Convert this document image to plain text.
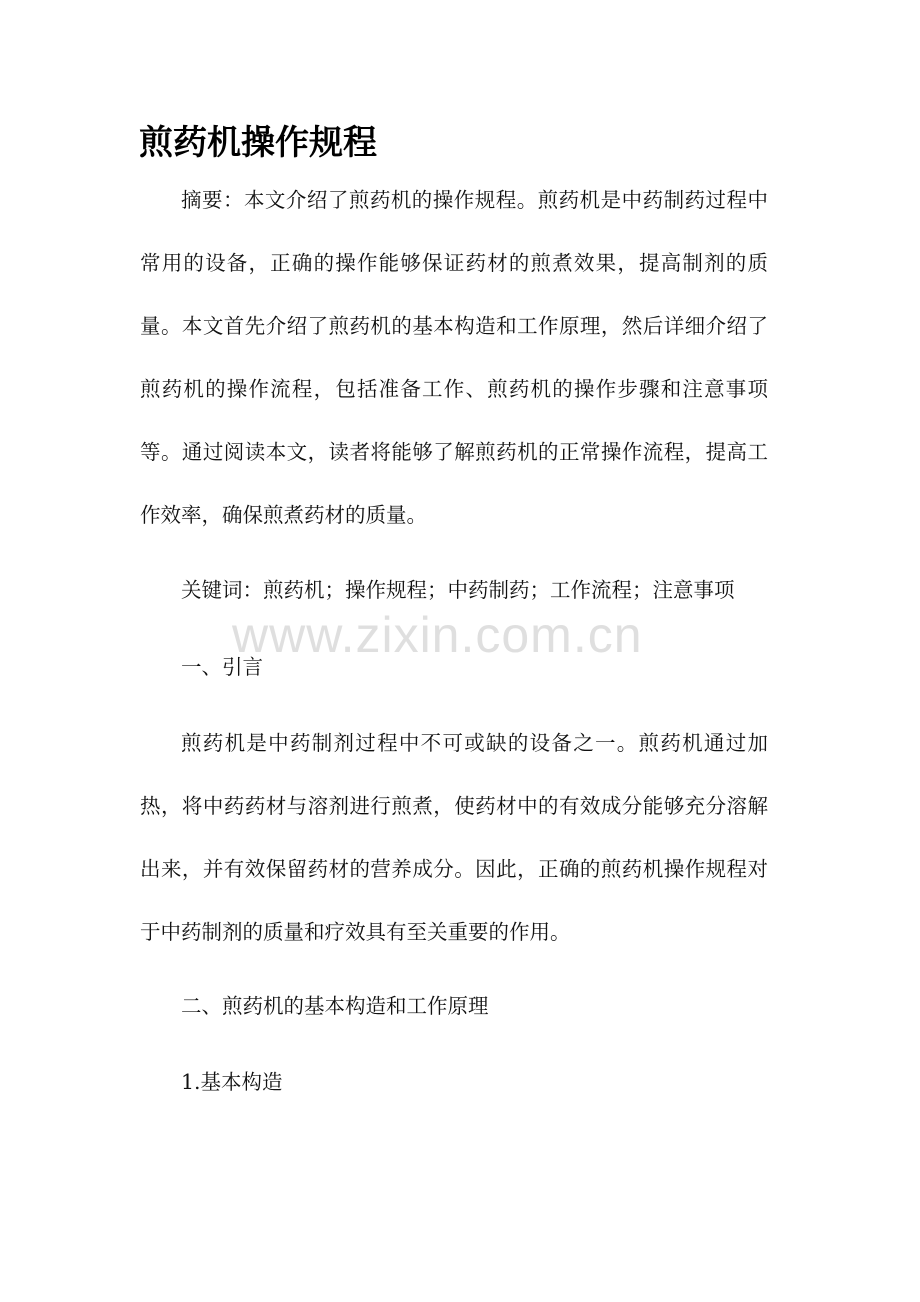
煎药机操作规程

摘要：本文介绍了煎药机的操作规程。煎药机是中药制药过程中常用的设备，正确的操作能够保证药材的煎煮效果，提高制剂的质量。本文首先介绍了煎药机的基本构造和工作原理，然后详细介绍了煎药机的操作流程，包括准备工作、煎药机的操作步骤和注意事项等。通过阅读本文，读者将能够了解煎药机的正常操作流程，提高工作效率，确保煎煮药材的质量。

关键词：煎药机；操作规程；中药制药；工作流程；注意事项

www.zixin.com.cn

一、引言

煎药机是中药制剂过程中不可或缺的设备之一。煎药机通过加热，将中药药材与溶剂进行煎煮，使药材中的有效成分能够充分溶解出来，并有效保留药材的营养成分。因此，正确的煎药机操作规程对于中药制剂的质量和疗效具有至关重要的作用。

二、煎药机的基本构造和工作原理

1.基本构造
